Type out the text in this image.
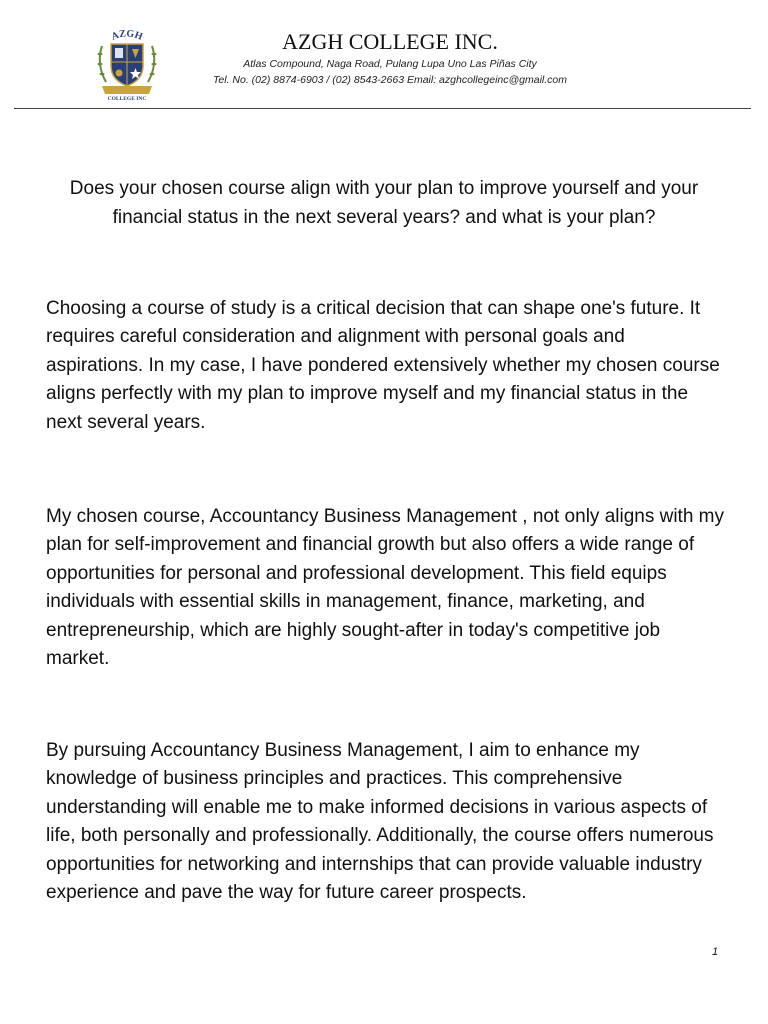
AZGH
COLLEGE INC
AZGH COLLEGE INC.
Atlas Compound, Naga Road, Pulang Lupa Uno Las Piñas City
Tel. No. (02) 8874-6903 / (02) 8543-2663 Email: azghcollegeinc@gmail.com
Does your chosen course align with your plan to improve yourself and your financial status in the next several years? and what is your plan?

Choosing a course of study is a critical decision that can shape one's future. It requires careful consideration and alignment with personal goals and aspirations. In my case, I have pondered extensively whether my chosen course aligns perfectly with my plan to improve myself and my financial status in the next several years.

My chosen course, Accountancy Business Management , not only aligns with my plan for self-improvement and financial growth but also offers a wide range of opportunities for personal and professional development. This field equips individuals with essential skills in management, finance, marketing, and entrepreneurship, which are highly sought-after in today's competitive job market.

By pursuing Accountancy Business Management, I aim to enhance my knowledge of business principles and practices. This comprehensive understanding will enable me to make informed decisions in various aspects of life, both personally and professionally. Additionally, the course offers numerous opportunities for networking and internships that can provide valuable industry experience and pave the way for future career prospects.

1
